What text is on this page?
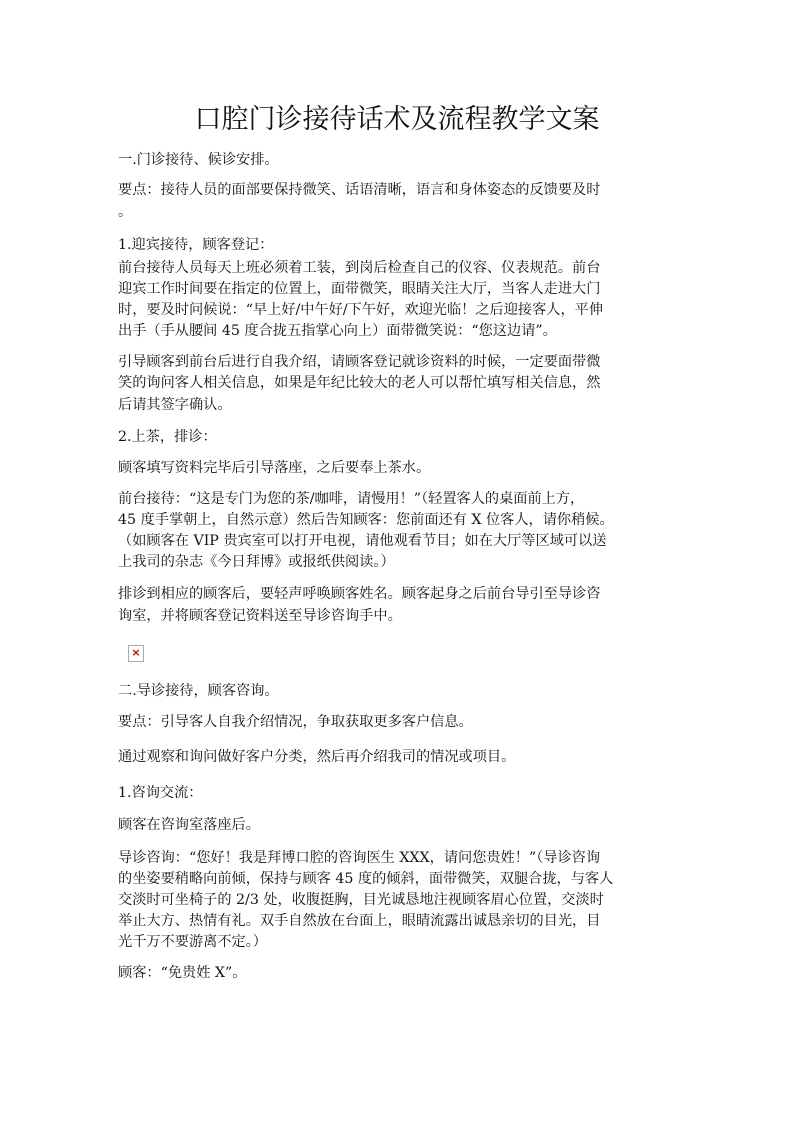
口腔门诊接待话术及流程教学文案
一.门诊接待、候诊安排。
要点：接待人员的面部要保持微笑、话语清晰，语言和身体姿态的反馈要及时
。
1.迎宾接待，顾客登记：
前台接待人员每天上班必须着工装，到岗后检查自己的仪容、仪表规范。前台
迎宾工作时间要在指定的位置上，面带微笑，眼睛关注大厅，当客人走进大门
时，要及时问候说：“早上好/中午好/下午好，欢迎光临！之后迎接客人，平伸
出手（手从腰间 45 度合拢五指掌心向上）面带微笑说：“您这边请”。
引导顾客到前台后进行自我介绍，请顾客登记就诊资料的时候，一定要面带微
笑的询问客人相关信息，如果是年纪比较大的老人可以帮忙填写相关信息，然
后请其签字确认。
2.上茶，排诊：
顾客填写资料完毕后引导落座，之后要奉上茶水。
前台接待：“这是专门为您的茶/咖啡，请慢用！”（轻置客人的桌面前上方，
45 度手掌朝上，自然示意）然后告知顾客：您前面还有 X 位客人，请你稍候。
（如顾客在 VIP 贵宾室可以打开电视，请他观看节目；如在大厅等区域可以送
上我司的杂志《今日拜博》或报纸供阅读。）
排诊到相应的顾客后，要轻声呼唤顾客姓名。顾客起身之后前台导引至导诊咨
询室，并将顾客登记资料送至导诊咨询手中。
二.导诊接待，顾客咨询。
要点：引导客人自我介绍情况，争取获取更多客户信息。
通过观察和询问做好客户分类，然后再介绍我司的情况或项目。
1.咨询交流：
顾客在咨询室落座后。
导诊咨询：“您好！我是拜博口腔的咨询医生 XXX，请问您贵姓！”（导诊咨询
的坐姿要稍略向前倾，保持与顾客 45 度的倾斜，面带微笑，双腿合拢，与客人
交淡时可坐椅子的 2/3 处，收腹挺胸，目光诚恳地注视顾客眉心位置，交淡时
举止大方、热情有礼。双手自然放在台面上，眼睛流露出诚恳亲切的目光，目
光千万不要游离不定。）
顾客：“免贵姓 X”。
×
